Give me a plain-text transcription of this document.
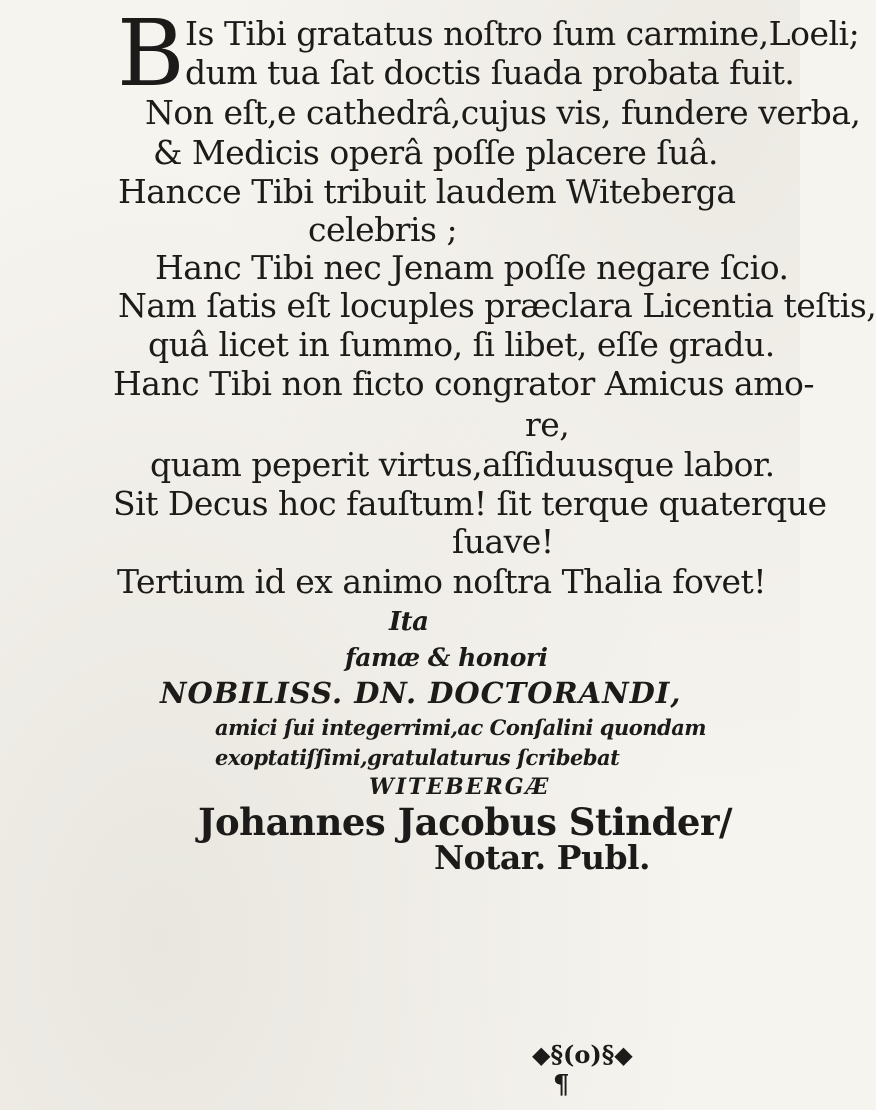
B Is Tibi gratatus noſtro ſum carmine,Loeli;
dum tua ſat doctis ſuada probata fuit.
Non eſt,e cathedrâ,cujus vis, fundere verba,
& Medicis operâ poſſe placere ſuâ.
Hancce Tibi tribuit laudem Witeberga
celebris ;
Hanc Tibi nec Jenam poſſe negare ſcio.
Nam ſatis eſt locuples præclara Licentia teſtis,
quâ licet in ſummo, ſi libet, eſſe gradu.
Hanc Tibi non ficto congrator Amicus amo-
re,
quam peperit virtus,aſſiduusque labor.
Sit Decus hoc fauſtum! ſit terque quaterque
ſuave!
Tertium id ex animo noſtra Thalia fovet!
Ita
famæ & honori
NOBILISS. DN. DOCTORANDI,
amici ſui integerrimi,ac Conſalini quondam
exoptatiſſimi,gratulaturus ſcribebat
WITEBERGÆ
Johannes Jacobus Stinder/
Notar. Publ.
◆§(o)§◆
¶
